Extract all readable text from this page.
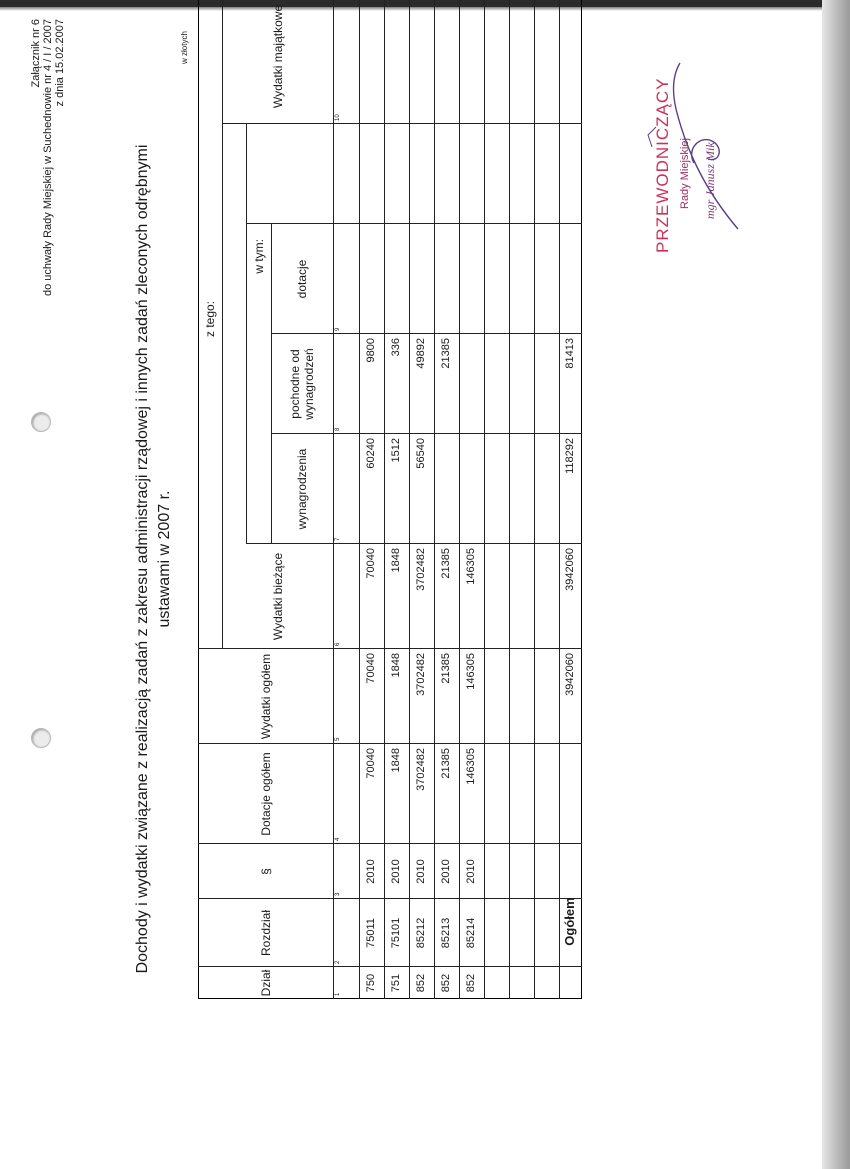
Załącznik nr 6 do uchwały Rady Miejskiej w Suchednowie nr 4 / I / 2007 z dnia 15.02.2007
Dochody i wydatki związane z realizacją zadań z zakresu administracji rządowej i innych zadań zleconych odrębnymi ustawami w 2007 r.
w złotych
Dział
Rozdział
§
Dotacje ogółem
Wydatki ogółem
z tego:
Wydatki bieżące
w tym:
wynagrodzenia
pochodne od wynagrodzeń
dotacje
Wydatki majątkowe
1
2
3
4
5
6
7
8
9
10
750
75011
2010
70040
70040
70040
60240
9800
751
75101
2010
1848
1848
1848
1512
336
852
85212
2010
3702482
3702482
3702482
56540
49892
852
85213
2010
21385
21385
21385
21385
852
85214
2010
146305
146305
146305
Ogółem
3942060
3942060
118292
81413
PRZEWODNICZĄCY Rady Miejskiej mgr Janusz Mik
